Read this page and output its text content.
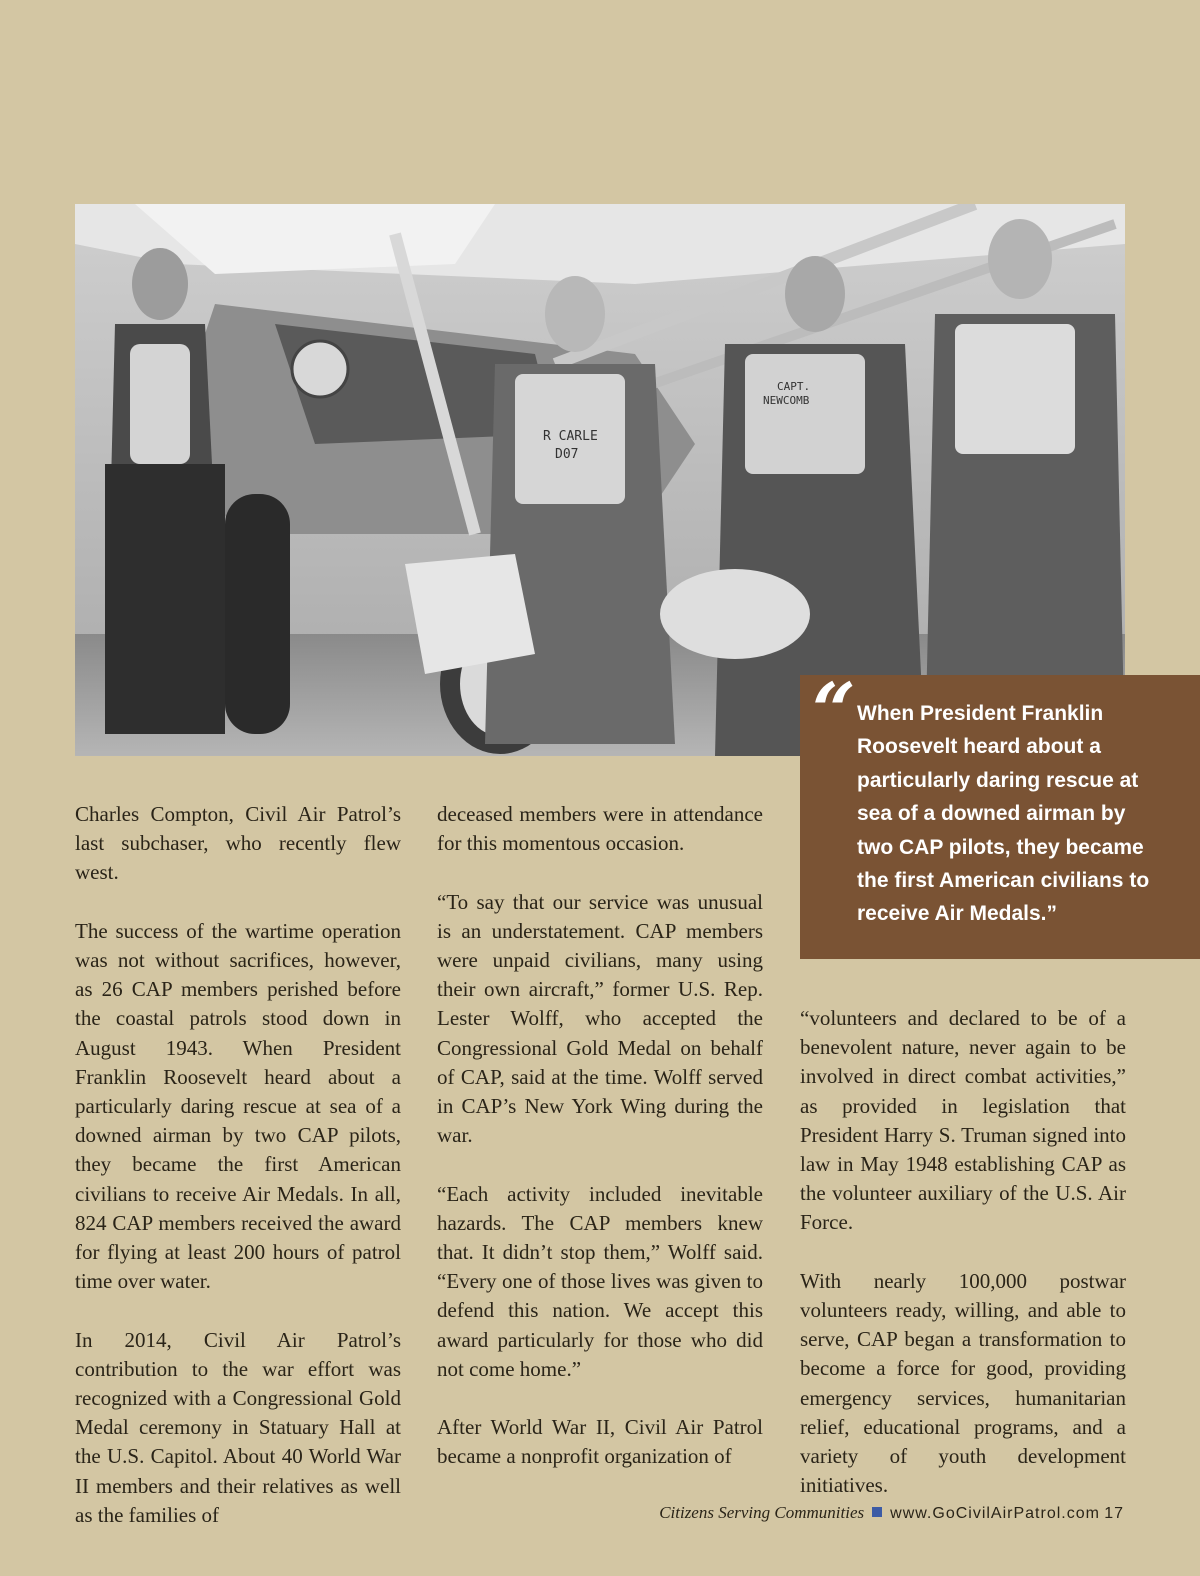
R CARLE
D07
CAPT.
NEWCOMB
“ When President Franklin Roosevelt heard about a particularly daring rescue at sea of a downed airman by two CAP pilots, they became the first American civilians to receive Air Medals.”

Charles Compton, Civil Air Patrol’s last subchaser, who recently flew west.

The success of the wartime operation was not without sacrifices, however, as 26 CAP members perished before the coastal patrols stood down in August 1943. When President Franklin Roosevelt heard about a particularly daring rescue at sea of a downed airman by two CAP pilots, they became the first American civilians to receive Air Medals. In all, 824 CAP members received the award for flying at least 200 hours of patrol time over water.

In 2014, Civil Air Patrol’s contribution to the war effort was recognized with a Congressional Gold Medal ceremony in Statuary Hall at the U.S. Capitol. About 40 World War II members and their relatives as well as the families of

deceased members were in attendance for this momentous occasion.

“To say that our service was unusual is an understatement. CAP members were unpaid civilians, many using their own aircraft,” former U.S. Rep. Lester Wolff, who accepted the Congressional Gold Medal on behalf of CAP, said at the time. Wolff served in CAP’s New York Wing during the war.

“Each activity included inevitable hazards. The CAP members knew that. It didn’t stop them,” Wolff said. “Every one of those lives was given to defend this nation. We accept this award particularly for those who did not come home.”

After World War II, Civil Air Patrol became a nonprofit organization of

“volunteers and declared to be of a benevolent nature, never again to be involved in direct combat activities,” as provided in legislation that President Harry S. Truman signed into law in May 1948 establishing CAP as the volunteer auxiliary of the U.S. Air Force.

With nearly 100,000 postwar volunteers ready, willing, and able to serve, CAP began a transformation to become a force for good, providing emergency services, humanitarian relief, educational programs, and a variety of youth development initiatives.

Citizens Serving Communities www.GoCivilAirPatrol.com 17
